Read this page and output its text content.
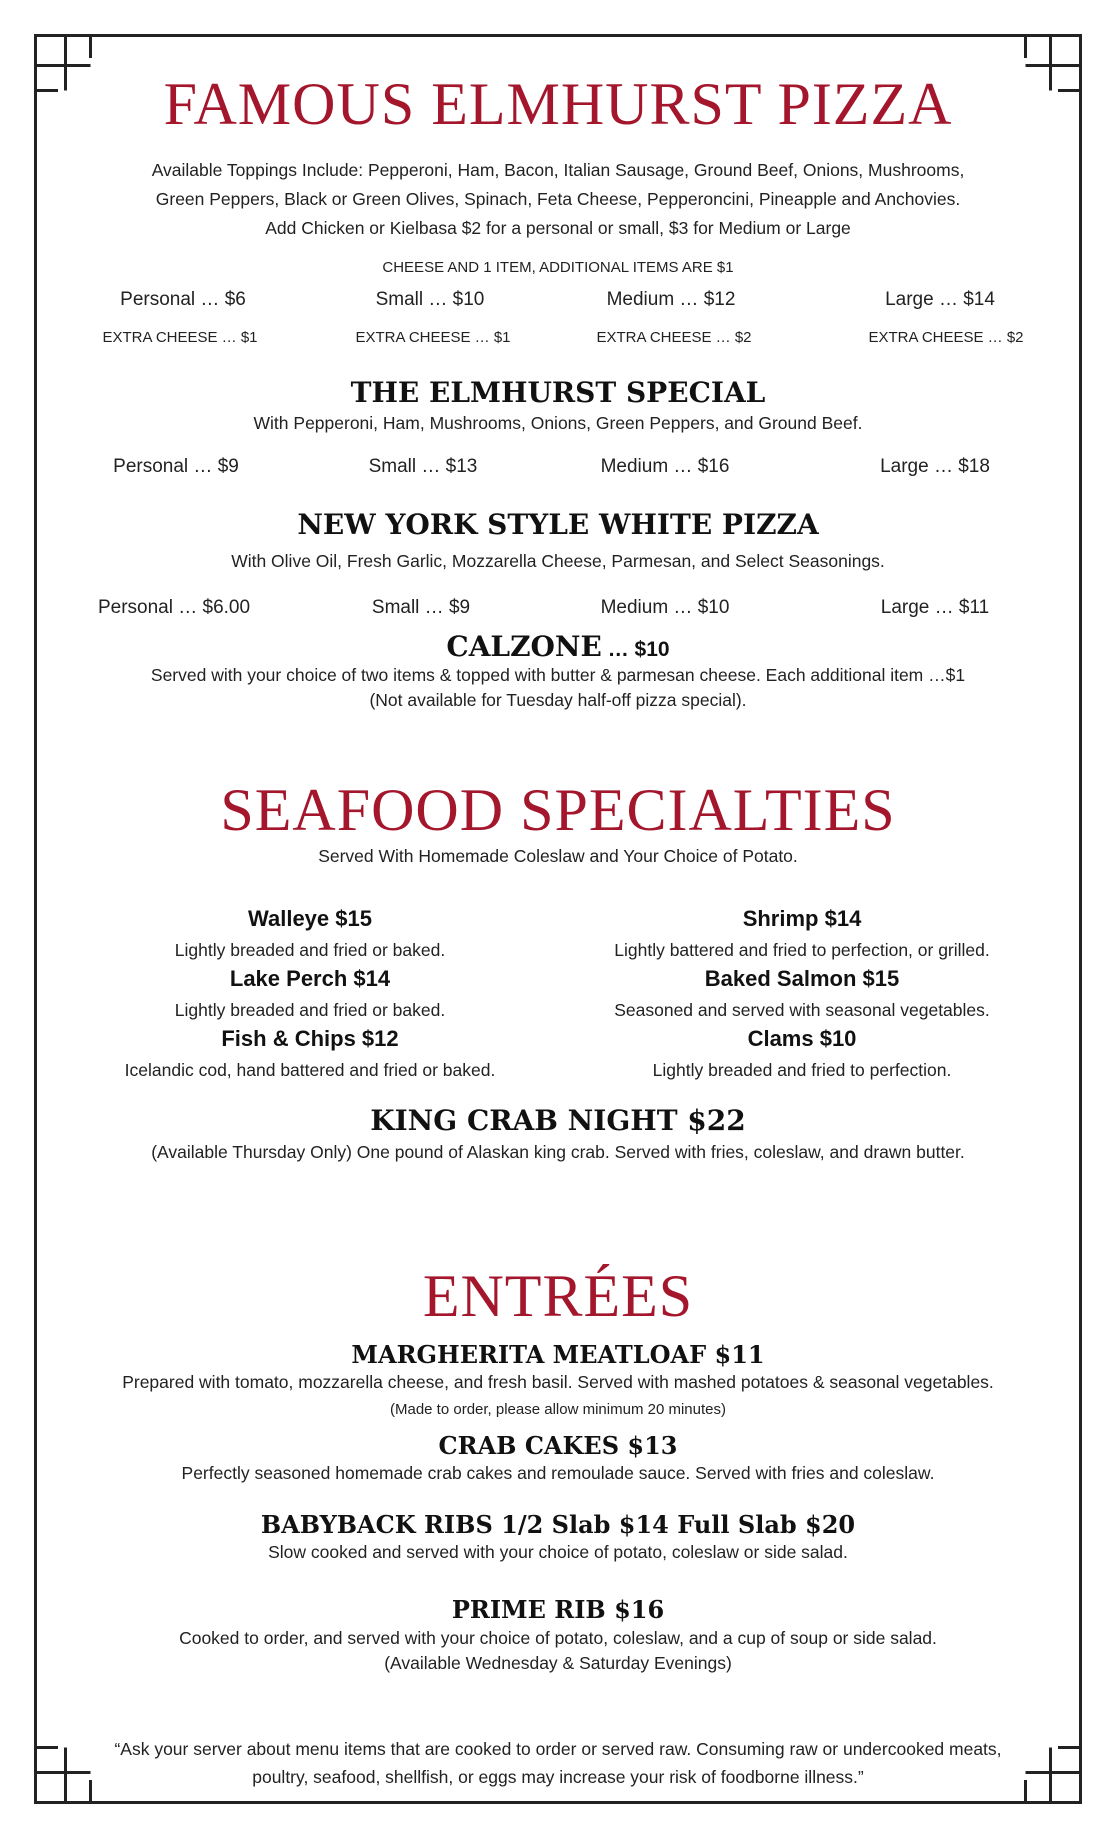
FAMOUS ELMHURST PIZZA
Available Toppings Include: Pepperoni, Ham, Bacon, Italian Sausage, Ground Beef, Onions, Mushrooms,
Green Peppers, Black or Green Olives, Spinach, Feta Cheese, Pepperoncini, Pineapple and Anchovies.
Add Chicken or Kielbasa $2 for a personal or small, $3 for Medium or Large
CHEESE AND 1 ITEM, ADDITIONAL ITEMS ARE $1
Personal … $6	Small … $10	Medium … $12	Large … $14
EXTRA CHEESE … $1	EXTRA CHEESE … $1	EXTRA CHEESE … $2	EXTRA CHEESE … $2
THE ELMHURST SPECIAL
With Pepperoni, Ham, Mushrooms, Onions, Green Peppers, and Ground Beef.
Personal … $9	Small … $13	Medium … $16	Large … $18
NEW YORK STYLE WHITE PIZZA
With Olive Oil, Fresh Garlic, Mozzarella Cheese, Parmesan, and Select Seasonings.
Personal … $6.00	Small … $9	Medium … $10	Large … $11
CALZONE … $10
Served with your choice of two items & topped with butter & parmesan cheese. Each additional item …$1
(Not available for Tuesday half-off pizza special).
SEAFOOD SPECIALTIES
Served With Homemade Coleslaw and Your Choice of Potato.
Walleye $15	Shrimp $14
Lightly breaded and fried or baked.	Lightly battered and fried to perfection, or grilled.
Lake Perch $14	Baked Salmon $15
Lightly breaded and fried or baked.	Seasoned and served with seasonal vegetables.
Fish & Chips $12	Clams $10
Icelandic cod, hand battered and fried or baked.	Lightly breaded and fried to perfection.
KING CRAB NIGHT $22
(Available Thursday Only) One pound of Alaskan king crab. Served with fries, coleslaw, and drawn butter.
ENTRÉES
MARGHERITA MEATLOAF $11
Prepared with tomato, mozzarella cheese, and fresh basil. Served with mashed potatoes & seasonal vegetables.
(Made to order, please allow minimum 20 minutes)
CRAB CAKES $13
Perfectly seasoned homemade crab cakes and remoulade sauce. Served with fries and coleslaw.
BABYBACK RIBS 1/2 Slab $14 Full Slab $20
Slow cooked and served with your choice of potato, coleslaw or side salad.
PRIME RIB $16
Cooked to order, and served with your choice of potato, coleslaw, and a cup of soup or side salad.
(Available Wednesday & Saturday Evenings)
“Ask your server about menu items that are cooked to order or served raw. Consuming raw or undercooked meats,
poultry, seafood, shellfish, or eggs may increase your risk of foodborne illness.”
